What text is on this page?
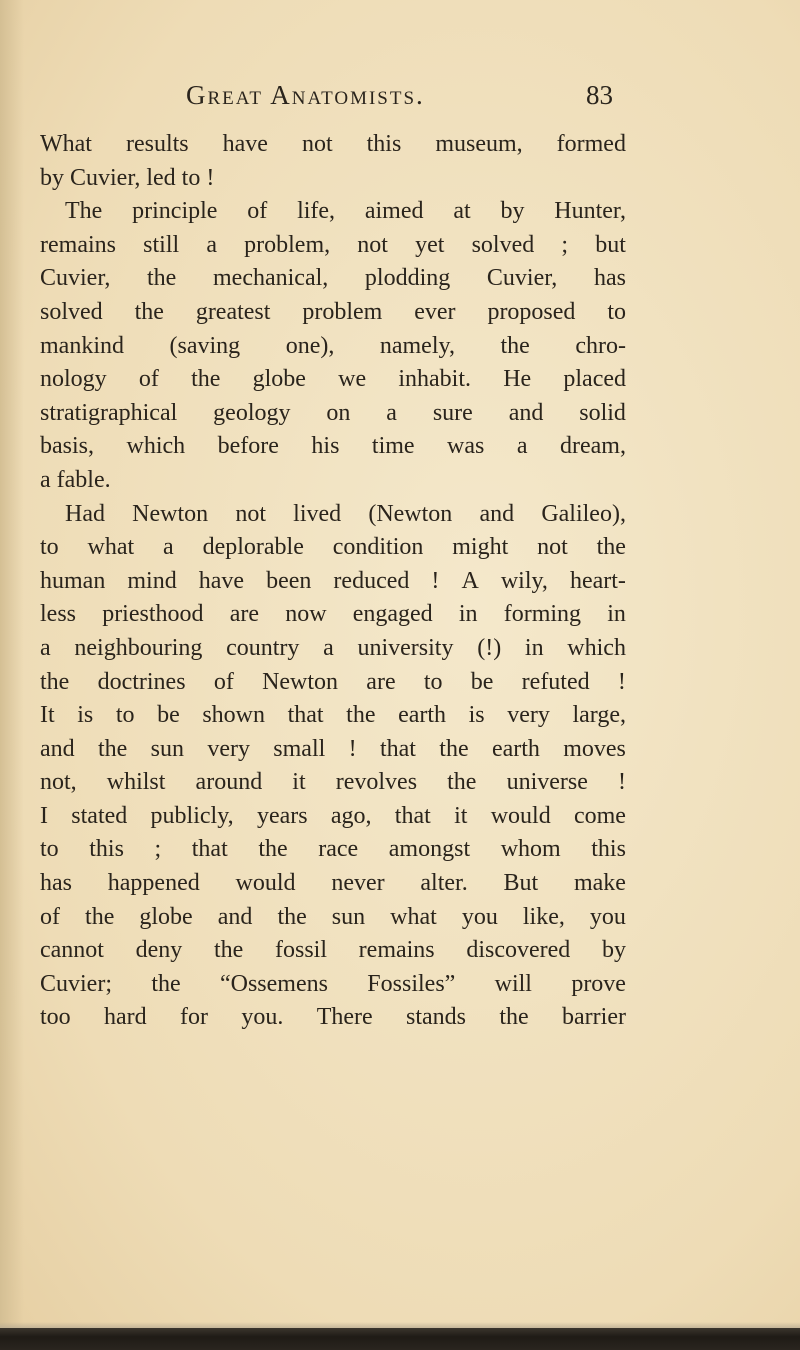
Great Anatomists.	83
What results have not this museum, formed
by Cuvier, led to !
The principle of life, aimed at by Hunter,
remains still a problem, not yet solved ; but
Cuvier, the mechanical, plodding Cuvier, has
solved the greatest problem ever proposed to
mankind (saving one), namely, the chro-
nology of the globe we inhabit. He placed
stratigraphical geology on a sure and solid
basis, which before his time was a dream,
a fable.
Had Newton not lived (Newton and Galileo),
to what a deplorable condition might not the
human mind have been reduced ! A wily, heart-
less priesthood are now engaged in forming in
a neighbouring country a university (!) in which
the doctrines of Newton are to be refuted !
It is to be shown that the earth is very large,
and the sun very small ! that the earth moves
not, whilst around it revolves the universe !
I stated publicly, years ago, that it would come
to this ; that the race amongst whom this
has happened would never alter. But make
of the globe and the sun what you like, you
cannot deny the fossil remains discovered by
Cuvier; the “Ossemens Fossiles” will prove
too hard for you. There stands the barrier
